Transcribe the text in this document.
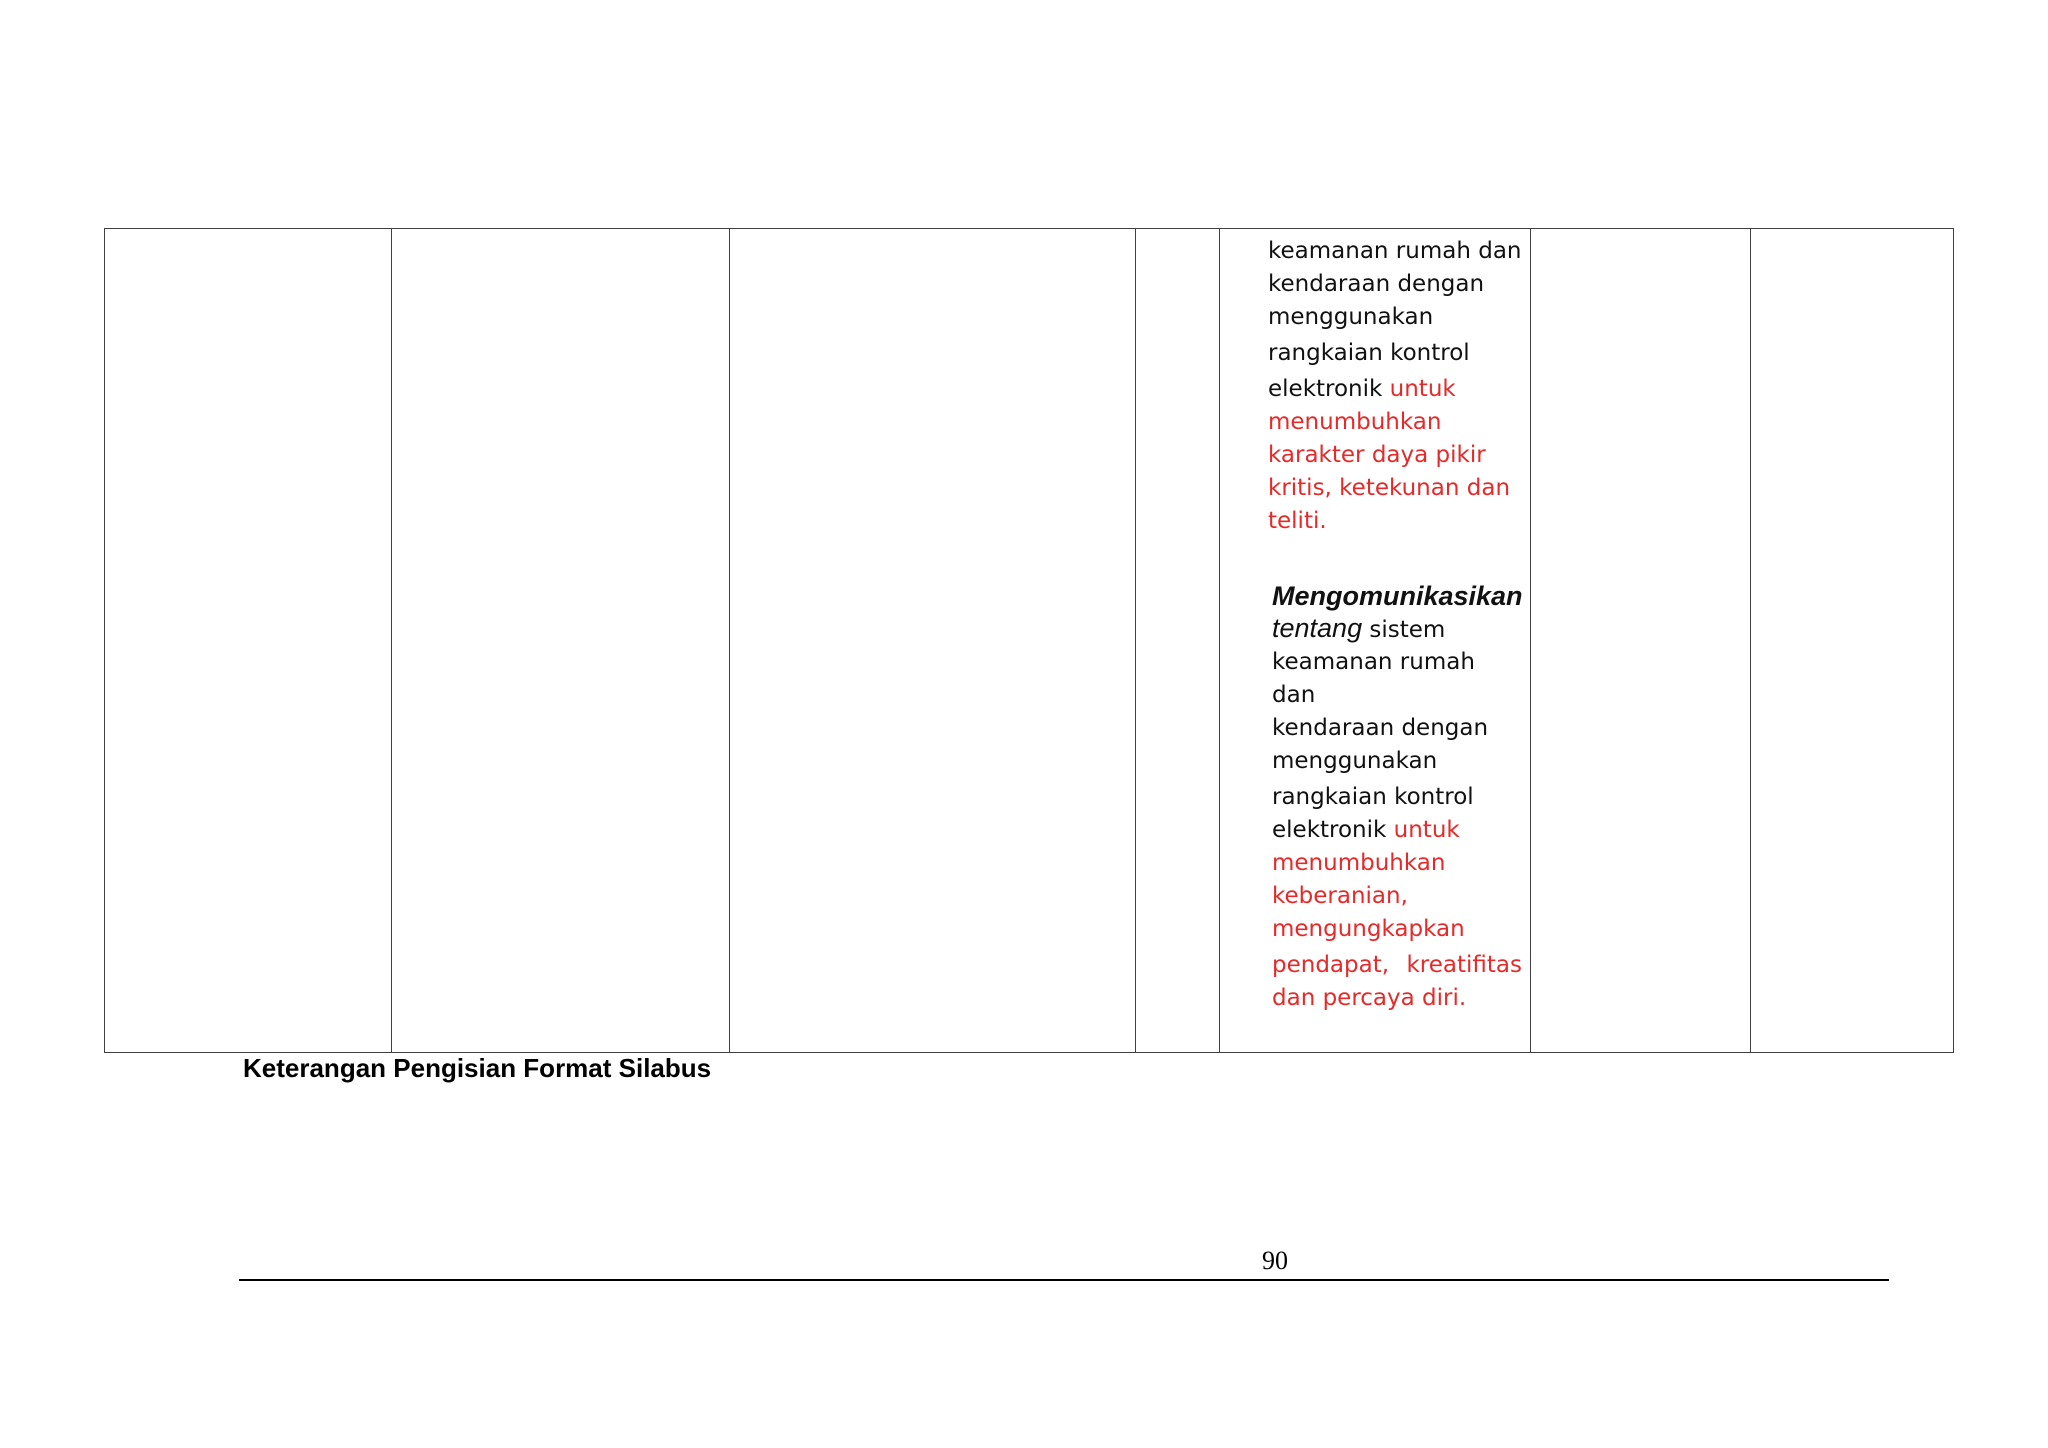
keamanan rumah dan
kendaraan dengan
menggunakan
rangkaian kontrol
elektronik untuk
menumbuhkan
karakter daya pikir
kritis, ketekunan dan
teliti.
Mengomunikasikan
tentang sistem
keamanan rumah dan
kendaraan dengan
menggunakan
rangkaian kontrol
elektronik untuk
menumbuhkan
keberanian,
mengungkapkan
pendapat, kreatifitas
dan percaya diri.

Keterangan Pengisian Format Silabus
90
